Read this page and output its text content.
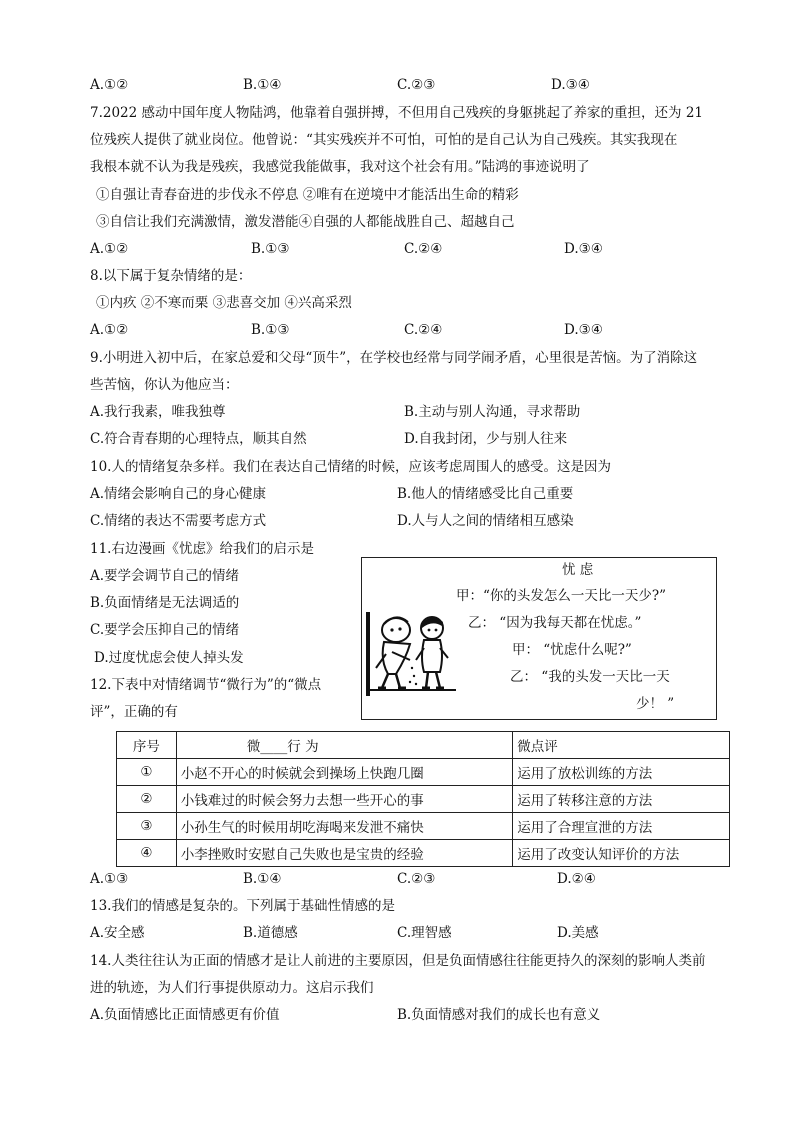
A.①②	B.①④	C.②③	D.③④
7.2022 感动中国年度人物陆鸿，他靠着自强拼搏，不但用自己残疾的身躯挑起了养家的重担，还为 21
位残疾人提供了就业岗位。他曾说：“其实残疾并不可怕，可怕的是自己认为自己残疾。其实我现在
我根本就不认为我是残疾，我感觉我能做事，我对这个社会有用。”陆鸿的事迹说明了
①自强让青春奋进的步伐永不停息 ②唯有在逆境中才能活出生命的精彩
③自信让我们充满激情，激发潜能④自强的人都能战胜自己、超越自己
A.①②	B.①③	C.②④	D.③④
8.以下属于复杂情绪的是：
①内疚 ②不寒而栗 ③悲喜交加 ④兴高采烈
A.①②	B.①③	C.②④	D.③④
9.小明进入初中后，在家总爱和父母“顶牛”，在学校也经常与同学闹矛盾，心里很是苦恼。为了消除这
些苦恼，你认为他应当：
A.我行我素，唯我独尊	B.主动与别人沟通，寻求帮助
C.符合青春期的心理特点，顺其自然	D.自我封闭，少与别人往来
10.人的情绪复杂多样。我们在表达自己情绪的时候，应该考虑周围人的感受。这是因为
A.情绪会影响自己的身心健康	B.他人的情绪感受比自己重要
C.情绪的表达不需要考虑方式	D.人与人之间的情绪相互感染
11.右边漫画《忧虑》给我们的启示是
A.要学会调节自己的情绪
B.负面情绪是无法调适的
C.要学会压抑自己的情绪
D.过度忧虑会使人掉头发
忧 虑
甲：“你的头发怎么一天比一天少?”
乙： “因为我每天都在忧虑。”
甲： “忧虑什么呢?”
乙： “我的头发一天比一天
少！ ”
12.下表中对情绪调节“微行为”的“微点
评”，正确的有
序号	微____行 为	微点评
①	小赵不开心的时候就会到操场上快跑几圈	运用了放松训练的方法
②	小钱难过的时候会努力去想一些开心的事	运用了转移注意的方法
③	小孙生气的时候用胡吃海喝来发泄不痛快	运用了合理宣泄的方法
④	小李挫败时安慰自己失败也是宝贵的经验	运用了改变认知评价的方法
A.①③	B.①④	C.②③	D.②④
13.我们的情感是复杂的。下列属于基础性情感的是
A.安全感	B.道德感	C.理智感	D.美感
14.人类往往认为正面的情感才是让人前进的主要原因，但是负面情感往往能更持久的深刻的影响人类前
进的轨迹，为人们行事提供原动力。这启示我们
A.负面情感比正面情感更有价值	B.负面情感对我们的成长也有意义
